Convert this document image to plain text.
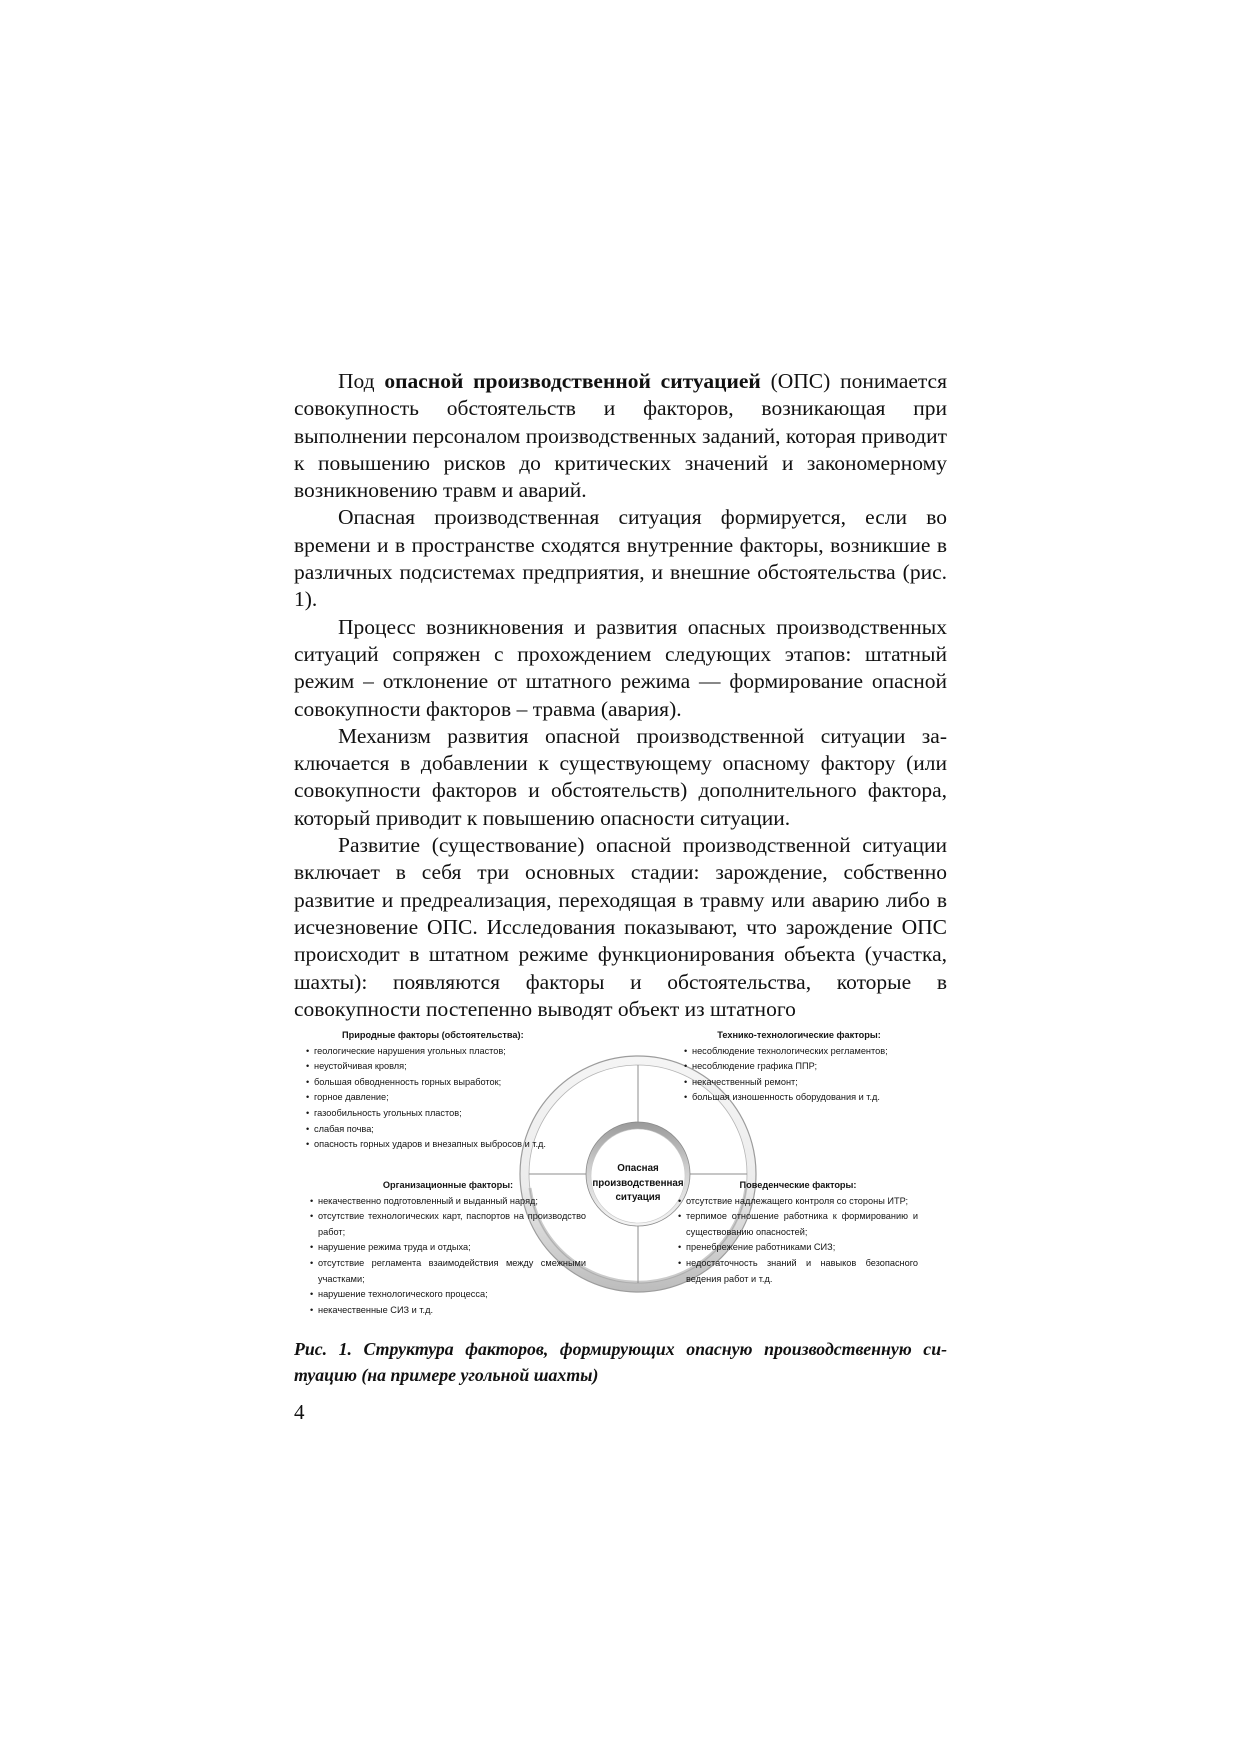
Под опасной производственной ситуацией (ОПС) понимается совокупность обстоятельств и факторов, возникающая при выполнении персоналом производственных заданий, которая приводит к повышению рисков до критических значений и закономерному возникновению травм и аварий.

Опасная производственная ситуация формируется, если во времени и в пространстве сходятся внутренние факторы, возникшие в различных подсистемах предприятия, и внешние обстоятельства (рис. 1).

Процесс возникновения и развития опасных производственных ситуаций сопряжен с прохождением следующих этапов: штатный режим – отклонение от штатного режима — формирование опасной совокупности факторов – травма (авария).

Механизм развития опасной производственной ситуации заключается в добавлении к существующему опасному фактору (или совокупности факторов и обстоятельств) дополнительного фактора, который приводит к повышению опасности ситуации.

Развитие (существование) опасной производственной ситуации включает в себя три основных стадии: зарождение, собственно развитие и предреализация, переходящая в травму или аварию либо в исчезновение ОПС. Исследования показывают, что зарождение ОПС происходит в штатном режиме функционирования объекта (участка, шахты): появляются факторы и обстоятельства, которые в совокупности постепенно выводят объект из штатного

Опасная производственная ситуация
Природные факторы (обстоятельства):
• геологические нарушения угольных пластов;
• неустойчивая кровля;
• большая обводненность горных выработок;
• горное давление;
• газообильность угольных пластов;
• слабая почва;
• опасность горных ударов и внезапных выбросов и т.д.
Технико-технологические факторы:
• несоблюдение технологических регламентов;
• несоблюдение графика ППР;
• некачественный ремонт;
• большая изношенность оборудования и т.д.
Организационные факторы:
• некачественно подготовленный и выданный наряд;
• отсутствие технологических карт, паспортов на производство работ;
• нарушение режима труда и отдыха;
• отсутствие регламента взаимодействия между смежными участками;
• нарушение технологического процесса;
• некачественные СИЗ и т.д.
Поведенческие факторы:
• отсутствие надлежащего контроля со стороны ИТР;
• терпимое отношение работника к формированию и существованию опасностей;
• пренебрежение работниками СИЗ;
• недостаточность знаний и навыков безопасного ведения работ и т.д.
Рис. 1. Структура факторов, формирующих опасную производственную ситуацию (на примере угольной шахты)
4
